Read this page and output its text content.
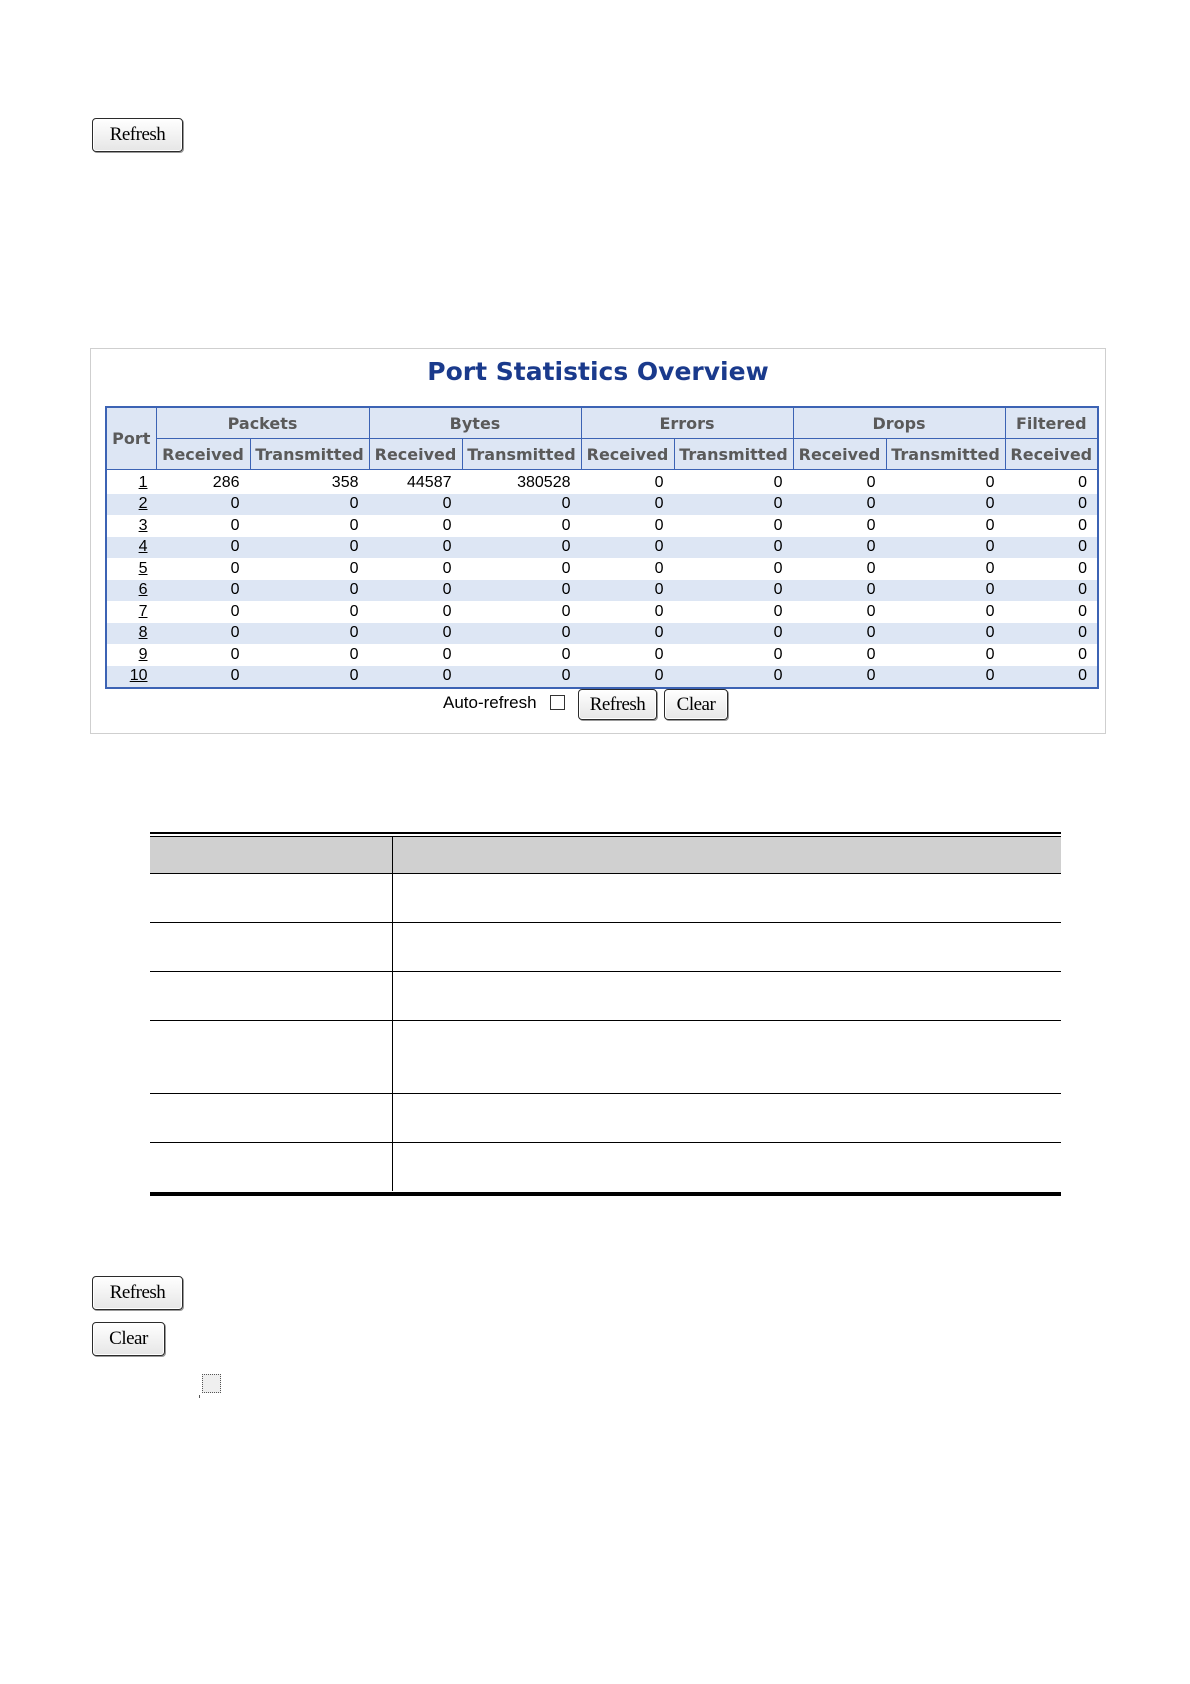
Refresh
Port Statistics Overview
Port	Packets		Bytes		Errors		Drops		Filtered
	Received	Transmitted	Received	Transmitted	Received	Transmitted	Received	Transmitted	Received
1	286	358	44587	380528	0	0	0	0	0
2	0	0	0	0	0	0	0	0	0
3	0	0	0	0	0	0	0	0	0
4	0	0	0	0	0	0	0	0	0
5	0	0	0	0	0	0	0	0	0
6	0	0	0	0	0	0	0	0	0
7	0	0	0	0	0	0	0	0	0
8	0	0	0	0	0	0	0	0	0
9	0	0	0	0	0	0	0	0	0
10	0	0	0	0	0	0	0	0	0
Auto-refresh	Refresh	Clear
Refresh
Clear
